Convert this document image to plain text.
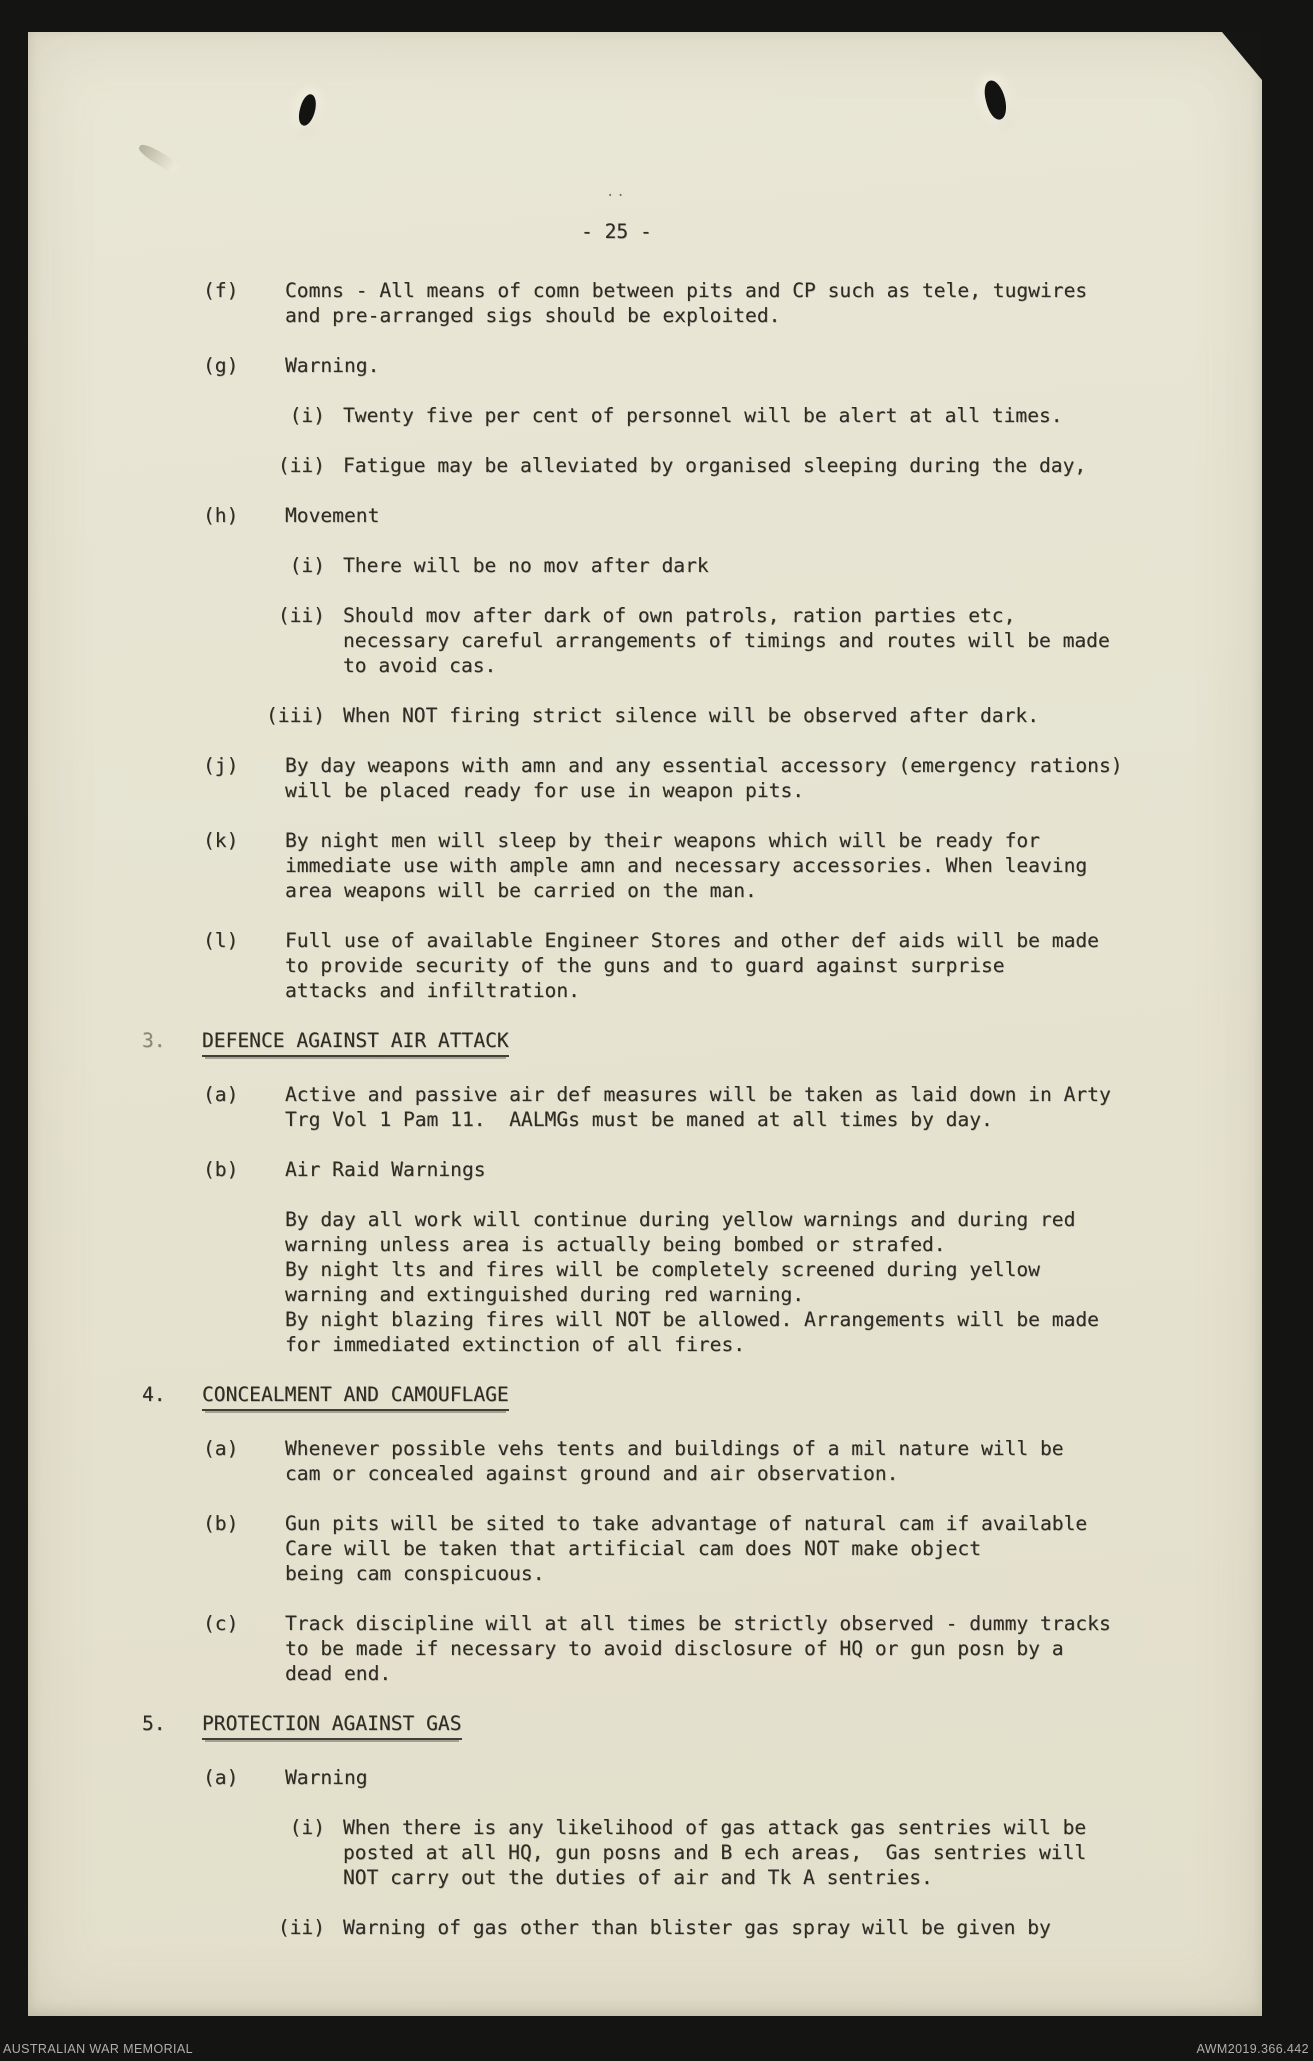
..
- 25 -
(f) Comns - All means of comn between pits and CP such as tele, tugwires
and pre-arranged sigs should be exploited.
(g) Warning.
(i) Twenty five per cent of personnel will be alert at all times.
(ii) Fatigue may be alleviated by organised sleeping during the day,
(h) Movement
(i) There will be no mov after dark
(ii) Should mov after dark of own patrols, ration parties etc,
necessary careful arrangements of timings and routes will be made
to avoid cas.
(iii) When NOT firing strict silence will be observed after dark.
(j) By day weapons with amn and any essential accessory (emergency rations)
will be placed ready for use in weapon pits.
(k) By night men will sleep by their weapons which will be ready for
immediate use with ample amn and necessary accessories. When leaving
area weapons will be carried on the man.
(l) Full use of available Engineer Stores and other def aids will be made
to provide security of the guns and to guard against surprise
attacks and infiltration.
3. DEFENCE AGAINST AIR ATTACK
(a) Active and passive air def measures will be taken as laid down in Arty
Trg Vol 1 Pam 11.  AALMGs must be maned at all times by day.
(b) Air Raid Warnings
By day all work will continue during yellow warnings and during red
warning unless area is actually being bombed or strafed.
By night lts and fires will be completely screened during yellow
warning and extinguished during red warning.
By night blazing fires will NOT be allowed. Arrangements will be made
for immediated extinction of all fires.
4. CONCEALMENT AND CAMOUFLAGE
(a) Whenever possible vehs tents and buildings of a mil nature will be
cam or concealed against ground and air observation.
(b) Gun pits will be sited to take advantage of natural cam if available
Care will be taken that artificial cam does NOT make object
being cam conspicuous.
(c) Track discipline will at all times be strictly observed - dummy tracks
to be made if necessary to avoid disclosure of HQ or gun posn by a
dead end.
5. PROTECTION AGAINST GAS
(a) Warning
(i) When there is any likelihood of gas attack gas sentries will be
posted at all HQ, gun posns and B ech areas,  Gas sentries will
NOT carry out the duties of air and Tk A sentries.
(ii) Warning of gas other than blister gas spray will be given by
AUSTRALIAN WAR MEMORIAL	AWM2019.366.442
